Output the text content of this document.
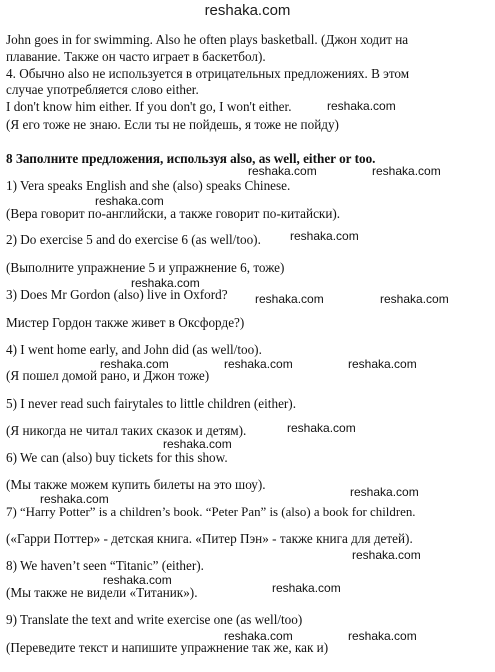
reshaka.com
John goes in for swimming. Also he often plays basketball. (Джон ходит на
плавание. Также он часто играет в баскетбол).
4. Обычно also не используется в отрицательных предложениях. В этом
случае употребляется слово either.
I don't know him either. If you don't go, I won't either.
(Я его тоже не знаю. Если ты не пойдешь, я тоже не пойду)
8 Заполните предложения, используя also, as well, either or too.
1) Vera speaks English and she (also) speaks Chinese.
(Вера говорит по-английски, а также говорит по-китайски).
2) Do exercise 5 and do exercise 6 (as well/too).
(Выполните упражнение 5 и упражнение 6, тоже)
3) Does Mr Gordon (also) live in Oxford?
Мистер Гордон также живет в Оксфорде?)
4) I went home early, and John did (as well/too).
(Я пошел домой рано, и Джон тоже)
5) I never read such fairytales to little children (either).
(Я никогда не читал таких сказок и детям).
6) We can (also) buy tickets for this show.
(Мы также можем купить билеты на это шоу).
7) “Harry Potter” is a children’s book. “Peter Pan” is (also) a book for children.
(«Гарри Поттер» - детская книга. «Питер Пэн» - также книга для детей).
8) We haven’t seen “Titanic” (either).
(Мы также не видели «Титаник»).
9) Translate the text and write exercise one (as well/too)
(Переведите текст и напишите упражнение так же, как и)
reshaka.com
reshaka.com	reshaka.com
reshaka.com
reshaka.com
reshaka.com
reshaka.com	reshaka.com
reshaka.com	reshaka.com	reshaka.com
reshaka.com
reshaka.com
reshaka.com
reshaka.com
reshaka.com
reshaka.com
reshaka.com
reshaka.com	reshaka.com
